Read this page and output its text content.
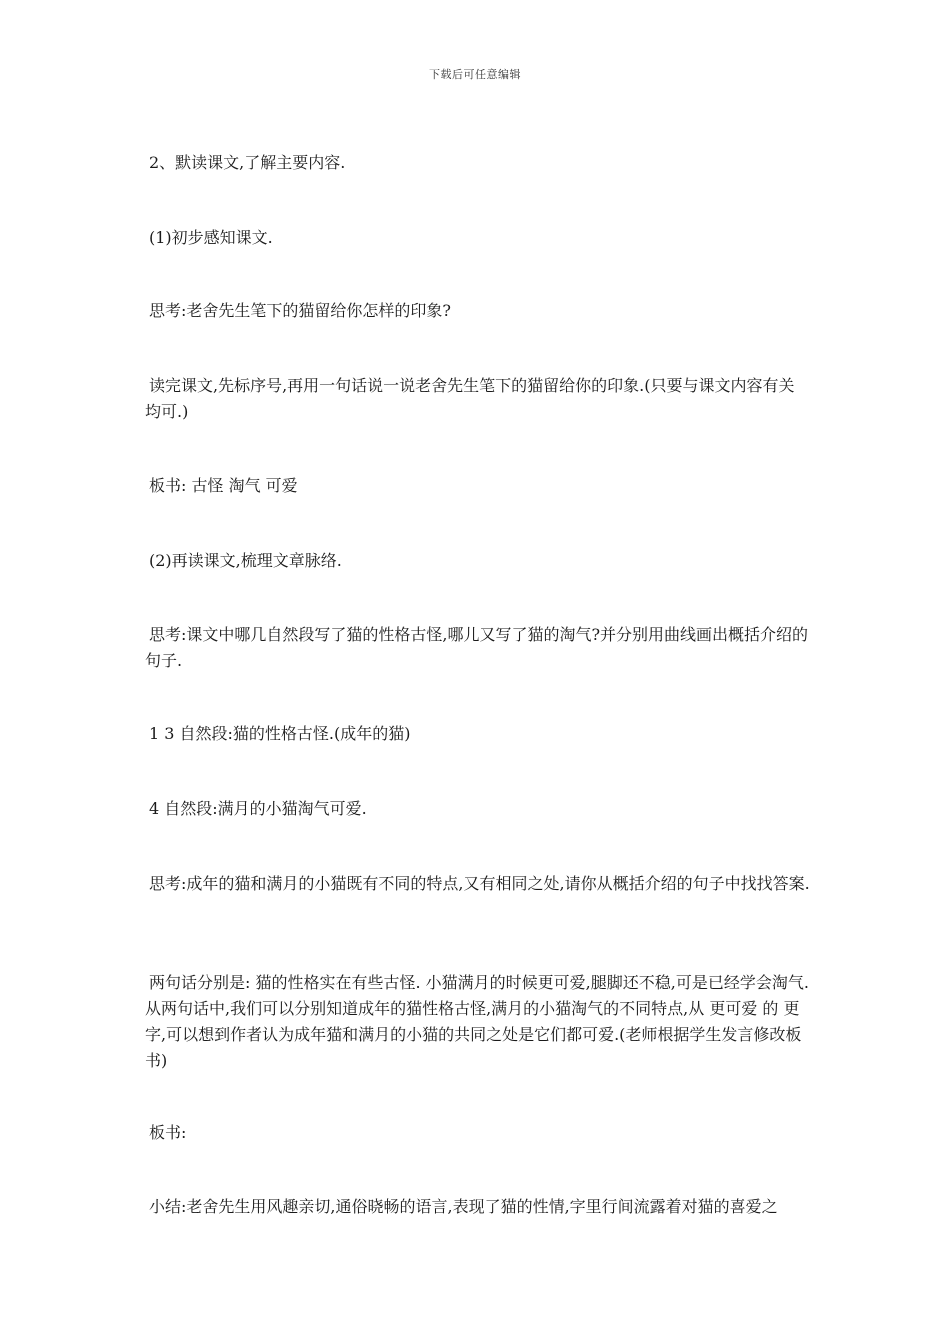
下载后可任意编辑

2、默读课文,了解主要内容.

(1)初步感知课文.

思考:老舍先生笔下的猫留给你怎样的印象?

读完课文,先标序号,再用一句话说一说老舍先生笔下的猫留给你的印象.(只要与课文内容有关均可.)

板书: 古怪 淘气 可爱

(2)再读课文,梳理文章脉络.

思考:课文中哪几自然段写了猫的性格古怪,哪儿又写了猫的淘气?并分别用曲线画出概括介绍的句子.

1 3 自然段:猫的性格古怪.(成年的猫)

4 自然段:满月的小猫淘气可爱.

思考:成年的猫和满月的小猫既有不同的特点,又有相同之处,请你从概括介绍的句子中找找答案.

两句话分别是: 猫的性格实在有些古怪. 小猫满月的时候更可爱,腿脚还不稳,可是已经学会淘气. 从两句话中,我们可以分别知道成年的猫性格古怪,满月的小猫淘气的不同特点,从 更可爱 的 更 字,可以想到作者认为成年猫和满月的小猫的共同之处是它们都可爱.(老师根据学生发言修改板书)

板书:

小结:老舍先生用风趣亲切,通俗晓畅的语言,表现了猫的性情,字里行间流露着对猫的喜爱之
